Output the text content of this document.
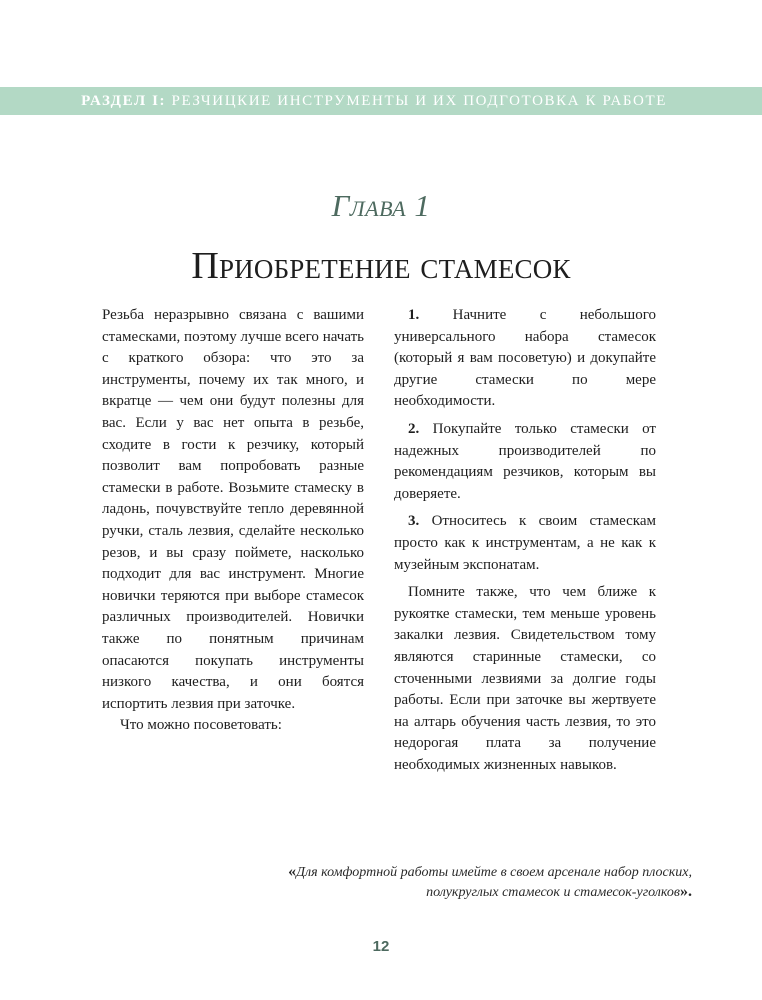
РАЗДЕЛ I:
РЕЗЧИЦКИЕ ИНСТРУМЕНТЫ И ИХ ПОДГОТОВКА К РАБОТЕ
Глава 1
Приобретение стамесок

Резьба неразрывно связана с вашими стамесками, поэтому лучше всего начать с краткого обзора: что это за инструменты, почему их так много, и вкратце — чем они будут полезны для вас. Если у вас нет опыта в резьбе, сходите в гости к резчику, который позволит вам попробовать разные стамески в работе. Возьмите стамеску в ладонь, почувствуйте тепло деревянной ручки, сталь лезвия, сделайте несколько резов, и вы сразу поймете, насколько подходит для вас инструмент. Многие новички теряются при выборе стамесок различных производителей. Новички также по понятным причинам опасаются покупать инструменты низкого качества, и они боятся испортить лезвия при заточке.

Что можно посоветовать:

1. Начните с небольшого универсального набора стамесок (который я вам посоветую) и докупайте другие стамески по мере необходимости.

2. Покупайте только стамески от надежных производителей по рекомендациям резчиков, которым вы доверяете.

3. Относитесь к своим стамескам просто как к инструментам, а не как к музейным экспонатам.

Помните также, что чем ближе к рукоятке стамески, тем меньше уровень закалки лезвия. Свидетельством тому являются старинные стамески, со сточенными лезвиями за долгие годы работы. Если при заточке вы жертвуете на алтарь обучения часть лезвия, то это недорогая плата за получение необходимых жизненных навыков.

«Для комфортной работы имейте в своем арсенале набор плоских, полукруглых стамесок и стамесок-уголков».
12
